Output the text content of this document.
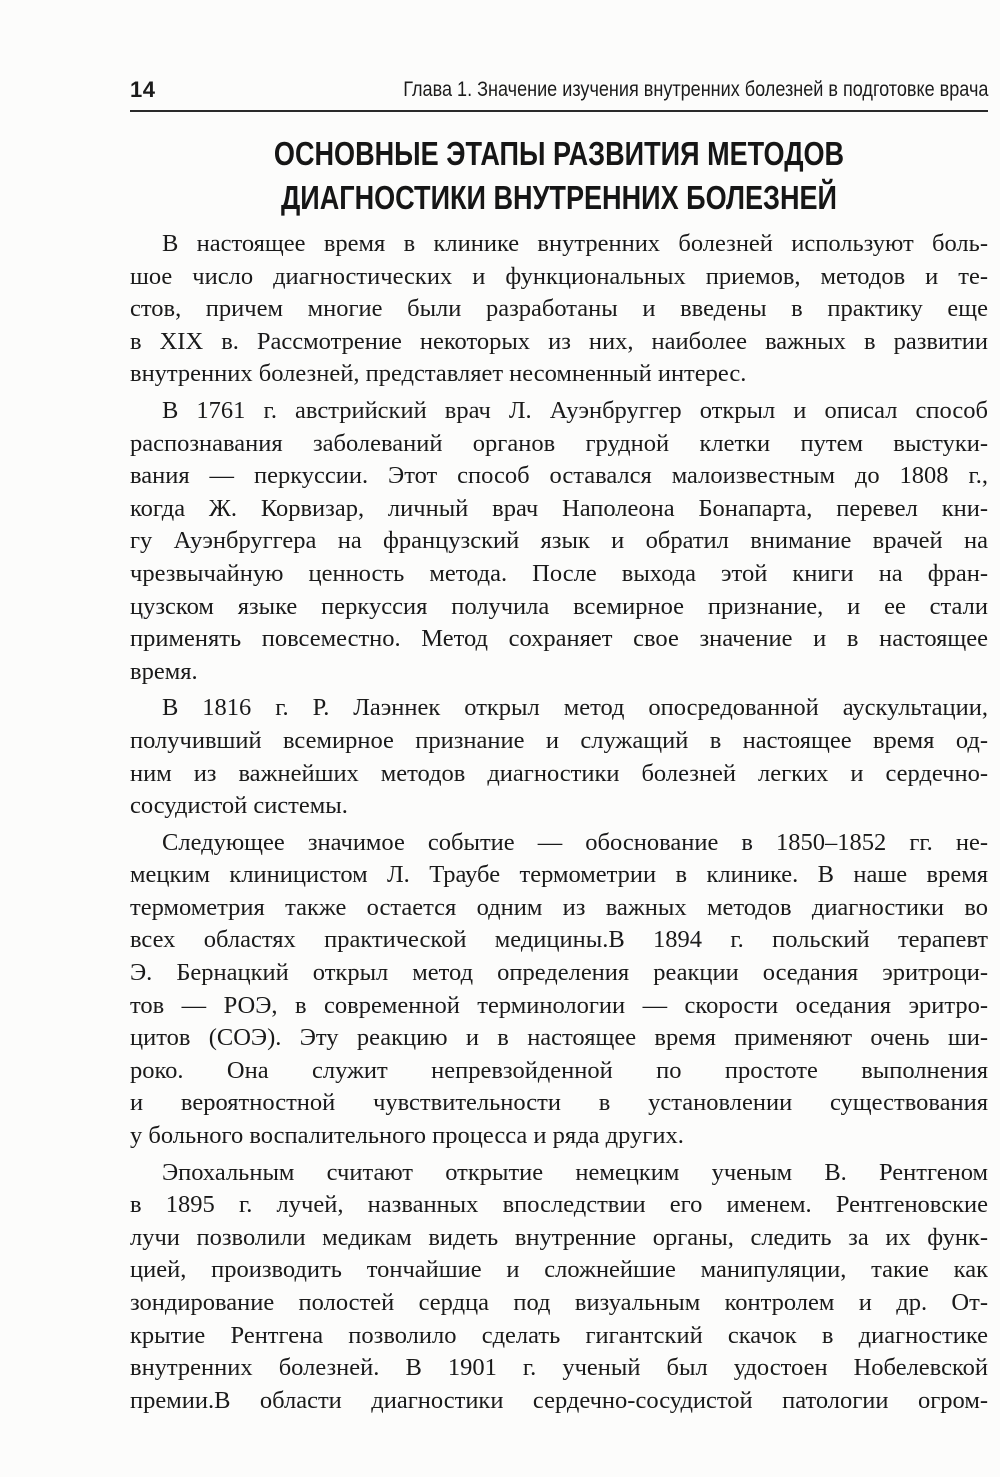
14	Глава 1. Значение изучения внутренних болезней в подготовке врача
ОСНОВНЫЕ ЭТАПЫ РАЗВИТИЯ МЕТОДОВ
ДИАГНОСТИКИ ВНУТРЕННИХ БОЛЕЗНЕЙ
В настоящее время в клинике внутренних болезней используют боль-
шое число диагностических и функциональных приемов, методов и те-
стов, причем многие были разработаны и введены в практику еще
в XIX в. Рассмотрение некоторых из них, наиболее важных в развитии
внутренних болезней, представляет несомненный интерес.
В 1761 г. австрийский врач Л. Ауэнбруггер открыл и описал способ
распознавания заболеваний органов грудной клетки путем выстуки-
вания — перкуссии. Этот способ оставался малоизвестным до 1808 г.,
когда Ж. Корвизар, личный врач Наполеона Бонапарта, перевел кни-
гу Ауэнбруггера на французский язык и обратил внимание врачей на
чрезвычайную ценность метода. После выхода этой книги на фран-
цузском языке перкуссия получила всемирное признание, и ее стали
применять повсеместно. Метод сохраняет свое значение и в настоящее
время.
В 1816 г. Р. Лаэннек открыл метод опосредованной аускультации,
получивший всемирное признание и служащий в настоящее время од-
ним из важнейших методов диагностики болезней легких и сердечно-
сосудистой системы.
Следующее значимое событие — обоснование в 1850–1852 гг. не-
мецким клиницистом Л. Траубе термометрии в клинике. В наше время
термометрия также остается одним из важных методов диагностики во
всех областях практической медицины.В 1894 г. польский терапевт
Э. Бернацкий открыл метод определения реакции оседания эритроци-
тов — РОЭ, в современной терминологии — скорости оседания эритро-
цитов (СОЭ). Эту реакцию и в настоящее время применяют очень ши-
роко. Она служит непревзойденной по простоте выполнения
и вероятностной чувствительности в установлении существования
у больного воспалительного процесса и ряда других.
Эпохальным считают открытие немецким ученым В. Рентгеном
в 1895 г. лучей, названных впоследствии его именем. Рентгеновские
лучи позволили медикам видеть внутренние органы, следить за их функ-
цией, производить тончайшие и сложнейшие манипуляции, такие как
зондирование полостей сердца под визуальным контролем и др. От-
крытие Рентгена позволило сделать гигантский скачок в диагностике
внутренних болезней. В 1901 г. ученый был удостоен Нобелевской
премии.В области диагностики сердечно-сосудистой патологии огром-
